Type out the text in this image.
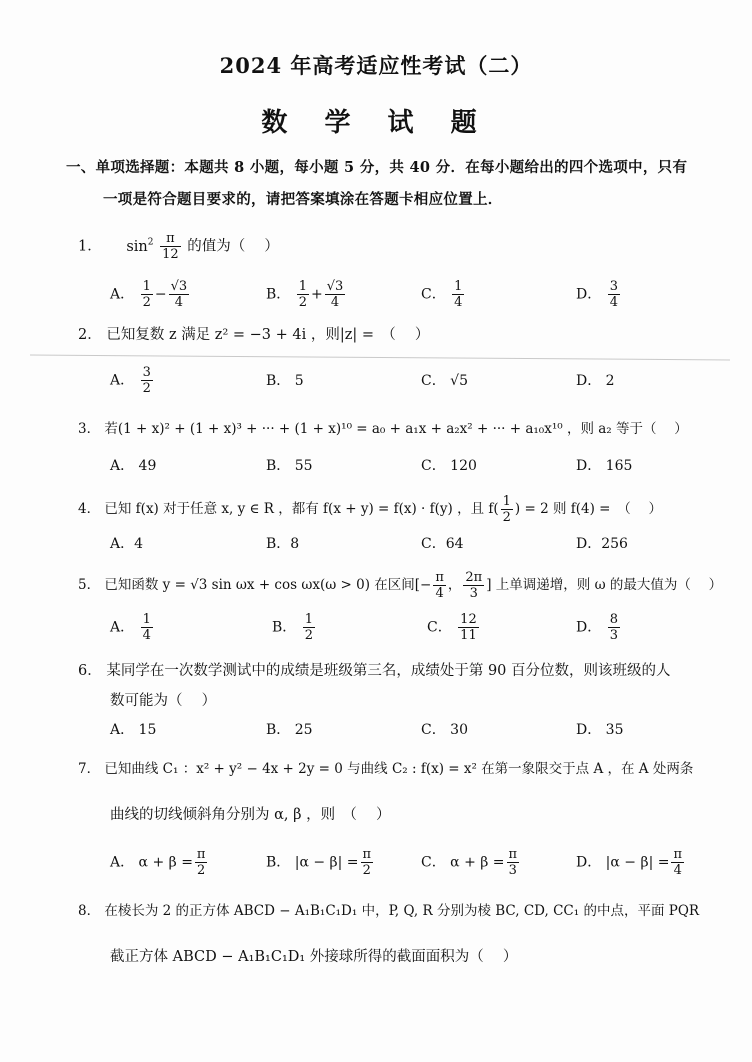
2024 年高考适应性考试（二）
数 学 试 题
一、单项选择题：本题共 8 小题，每小题 5 分，共 40 分．在每小题给出的四个选项中，只有
一项是符合题目要求的，请把答案填涂在答题卡相应位置上．
1． $\sin^2 \frac{\pi}{12}$ 的值为（　 ）
A． $\frac{1}{2} - \frac{√3}{4}$	B． $\frac{1}{2} + \frac{√3}{4}$	C． $\frac{1}{4}$	D． $\frac{3}{4}$
2． 已知复数 z 满足 z² = −3 + 4i ，则|z| =　（　 ）
A． $\frac{3}{2}$	B． 5	C． √5	D． 2
3． 若(1 + x)² + (1 + x)³ + ··· + (1 + x)¹⁰ = a₀ + a₁x + a₂x² + ··· + a₁₀x¹⁰ ，则 a₂ 等于（　 ）
A． 49	B． 55	C． 120	D． 165
4． 已知 f(x) 对于任意 x, y ∈ R ，都有 f(x + y) = f(x) · f(y) ，且 $f( \frac{1}{2}$ ) = 2 则 f(4) =　（　 ）
A．4	B．8	C．64	D．256
5． 已知函数 y = √3 sin ωx + cos ωx(ω > 0) 在区间[− $\frac{\pi}{4}$ ， $\frac{2\pi}{3}$ ] 上单调递增，则 ω 的最大值为（　 ）
A． $\frac{1}{4}$	B． $\frac{1}{2}$	C． $\frac{12}{11}$	D． $\frac{8}{3}$
6． 某同学在一次数学测试中的成绩是班级第三名，成绩处于第 90 百分位数，则该班级的人
数可能为（　 ）
A． 15	B． 25	C． 30	D． 35
7． 已知曲线 C₁ ：x² + y² − 4x + 2y = 0 与曲线 C₂ : f(x) = x² 在第一象限交于点 A ，在 A 处两条
曲线的切线倾斜角分别为 α, β ，则　（　 ）
A． $\alpha + \beta = \frac{\pi}{2}$	B． $|\alpha - \beta| = \frac{\pi}{2}$	C． $\alpha + \beta = \frac{\pi}{3}$	D． $|\alpha - \beta| = \frac{\pi}{4}$
8． 在棱长为 2 的正方体 ABCD − A₁B₁C₁D₁ 中，P, Q, R 分别为棱 BC, CD, CC₁ 的中点，平面 PQR
截正方体 ABCD − A₁B₁C₁D₁ 外接球所得的截面面积为（　 ）
